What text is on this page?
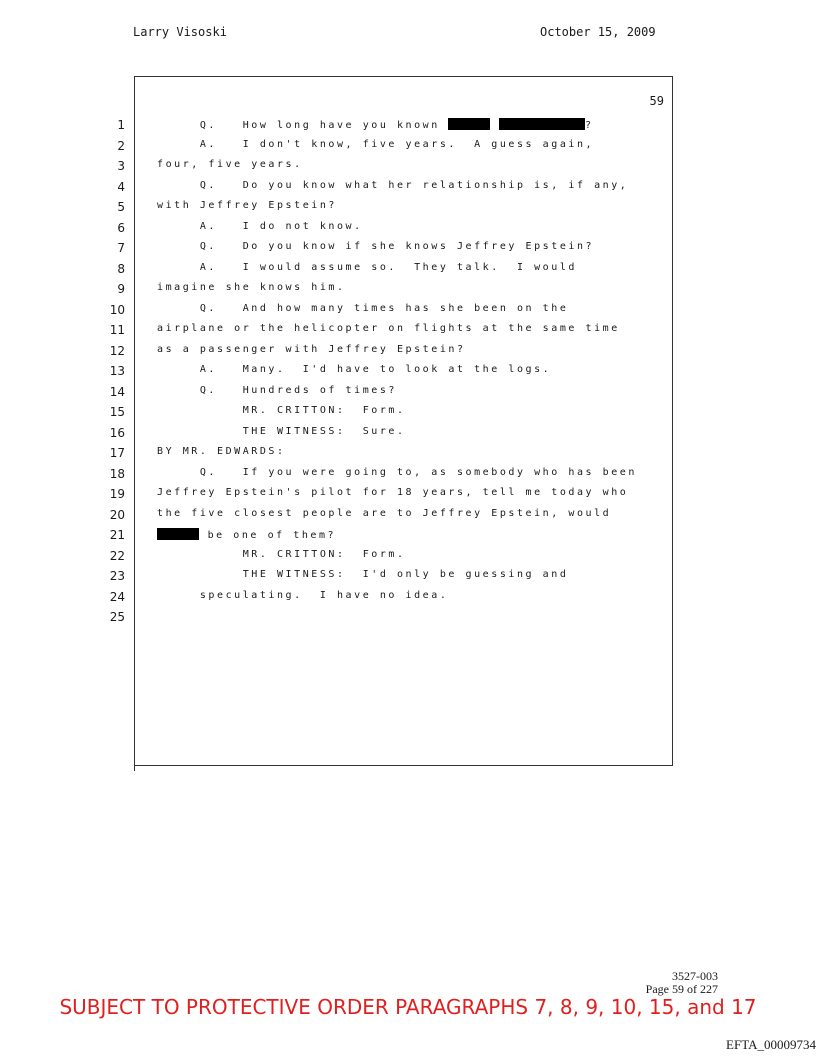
Larry Visoski	October 15, 2009
59
1	Q.   How long have you known	?
2	A.   I don't know, five years.  A guess again,
3	four, five years.
4	Q.   Do you know what her relationship is, if any,
5	with Jeffrey Epstein?
6	A.   I do not know.
7	Q.   Do you know if she knows Jeffrey Epstein?
8	A.   I would assume so.  They talk.  I would
9	imagine she knows him.
10	Q.   And how many times has she been on the
11	airplane or the helicopter on flights at the same time
12	as a passenger with Jeffrey Epstein?
13	A.   Many.  I'd have to look at the logs.
14	Q.   Hundreds of times?
15	MR. CRITTON:  Form.
16	THE WITNESS:  Sure.
17	BY MR. EDWARDS:
18	Q.   If you were going to, as somebody who has been
19	Jeffrey Epstein's pilot for 18 years, tell me today who
20	the five closest people are to Jeffrey Epstein, would
21	be one of them?
22	MR. CRITTON:  Form.
23	THE WITNESS:  I'd only be guessing and
24	speculating.  I have no idea.
25
3527-003
Page 59 of 227
SUBJECT TO PROTECTIVE ORDER PARAGRAPHS 7, 8, 9, 10, 15, and 17
EFTA_00009734
